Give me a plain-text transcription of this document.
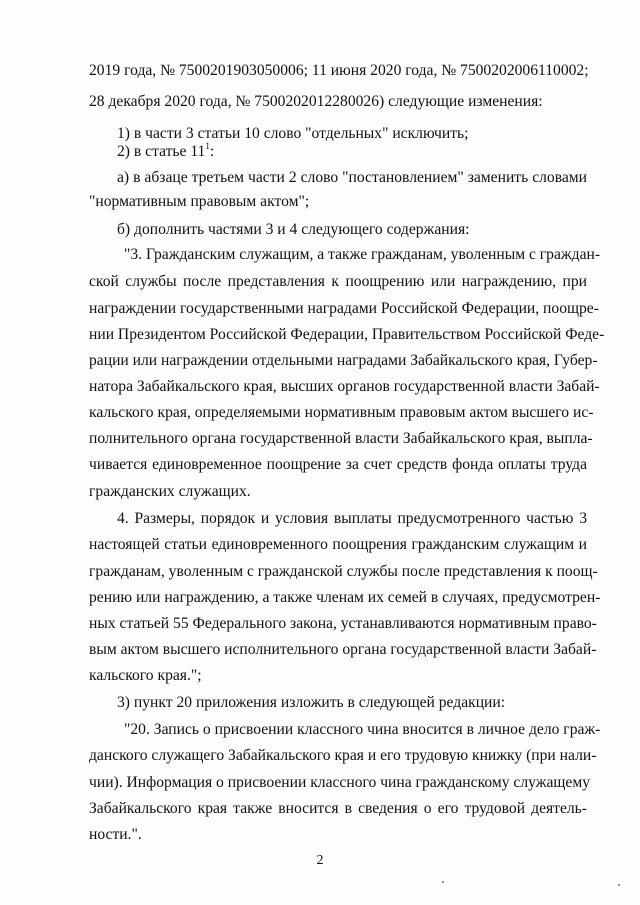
2019 года, № 7500201903050006; 11 июня 2020 года, № 7500202006110002;
28 декабря 2020 года, № 7500202012280026) следующие изменения:
1) в части 3 статьи 10 слово "отдельных" исключить;
2) в статье $11^1$:
а) в абзаце третьем части 2 слово "постановлением" заменить словами
"нормативным правовым актом";
б) дополнить частями 3 и 4 следующего содержания:
"3. Гражданским служащим, а также гражданам, уволенным с граждан-
ской службы после представления к поощрению или награждению, при
награждении государственными наградами Российской Федерации, поощре-
нии Президентом Российской Федерации, Правительством Российской Феде-
рации или награждении отдельными наградами Забайкальского края, Губер-
натора Забайкальского края, высших органов государственной власти Забай-
кальского края, определяемыми нормативным правовым актом высшего ис-
полнительного органа государственной власти Забайкальского края, выпла-
чивается единовременное поощрение за счет средств фонда оплаты труда
гражданских служащих.
4. Размеры, порядок и условия выплаты предусмотренного частью 3
настоящей статьи единовременного поощрения гражданским служащим и
гражданам, уволенным с гражданской службы после представления к поощ-
рению или награждению, а также членам их семей в случаях, предусмотрен-
ных статьей 55 Федерального закона, устанавливаются нормативным право-
вым актом высшего исполнительного органа государственной власти Забай-
кальского края.";
3) пункт 20 приложения изложить в следующей редакции:
"20. Запись о присвоении классного чина вносится в личное дело граж-
данского служащего Забайкальского края и его трудовую книжку (при нали-
чии). Информация о присвоении классного чина гражданскому служащему
Забайкальского края также вносится в сведения о его трудовой деятель-
ности.".
2
